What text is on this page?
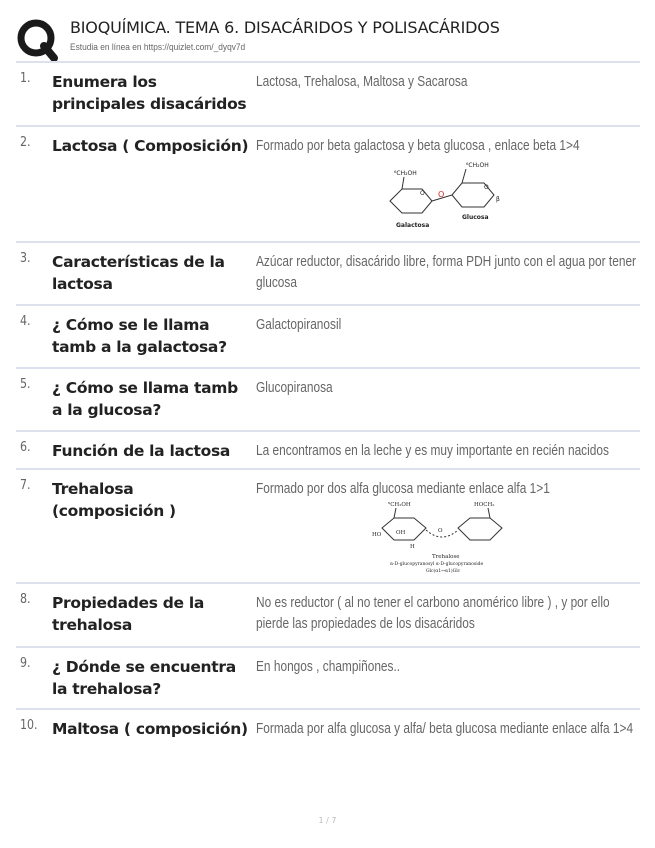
BIOQUÍMICA. TEMA 6. DISACÁRIDOS Y POLISACÁRIDOS
Estudia en línea en https://quizlet.com/_dyqv7d
1. Enumera los principales disacáridos
Lactosa, Trehalosa, Maltosa y Sacarosa
2. Lactosa ( Composición) Formado por beta galactosa y beta glucosa , enlace beta 1>4
⁶CH₂OH
⁶CH₂OH
O
O
O
β
Galactosa
Glucosa
3. Características de la lactosa
Azúcar reductor, disacárido libre, forma PDH junto con el agua por tener glucosa
4. ¿ Cómo se le llama tamb a la galactosa?
Galactopiranosil
5. ¿ Cómo se llama tamb a la glucosa?
Glucopiranosa
6. Función de la lactosa	La encontramos en la leche y es muy importante en recién nacidos
7. Trehalosa (composición )
Formado por dos alfa glucosa mediante enlace alfa 1>1
⁶CH₂OH	HOCH₂
OH
H
O
HO
Trehalose
α-D-glucopyranosyl α-D-glucopyranoside
Glc(α1↔α1)Glc
8. Propiedades de la trehalosa
No es reductor ( al no tener el carbono anomérico libre ) , y por ello pierde las propiedades de los disacáridos
9. ¿ Dónde se encuentra la trehalosa?
En hongos , champiñones..
10. Maltosa ( composición) Formada por alfa glucosa y alfa/ beta glucosa mediante enlace alfa 1>4
1 / 7
